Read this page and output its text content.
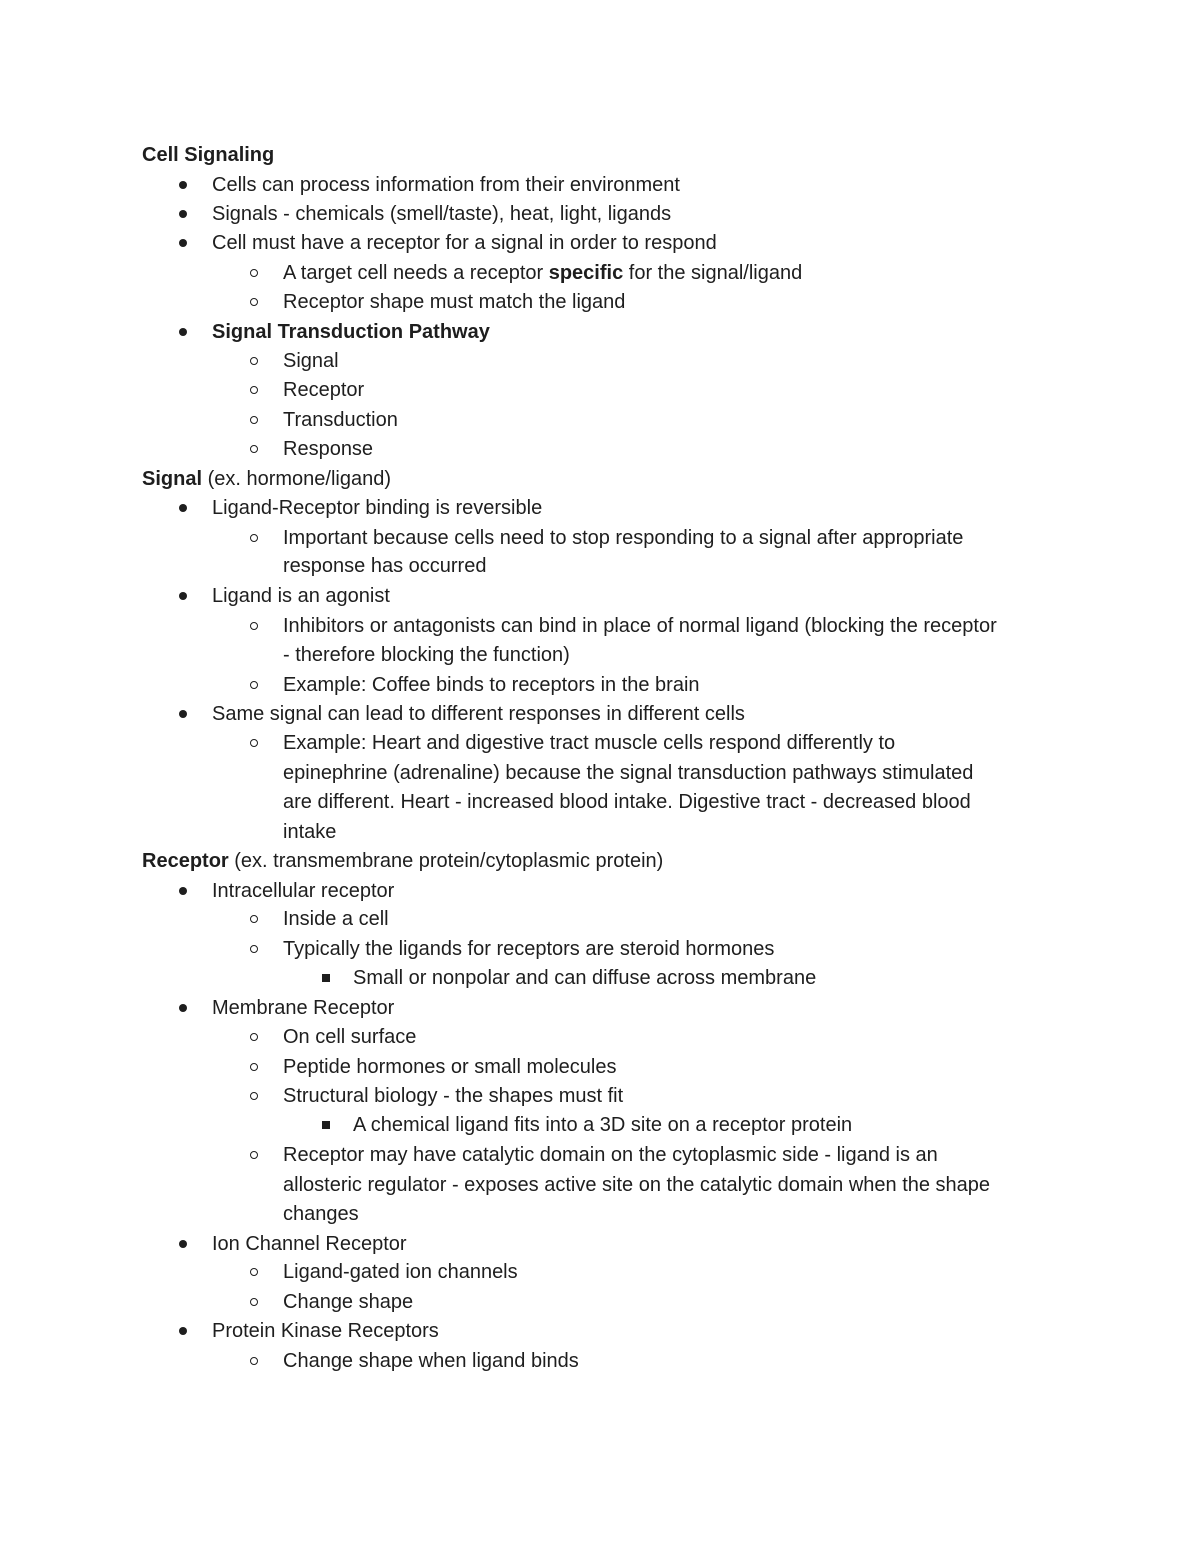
Cell Signaling
Cells can process information from their environment
Signals - chemicals (smell/taste), heat, light, ligands
Cell must have a receptor for a signal in order to respond
A target cell needs a receptor specific for the signal/ligand
Receptor shape must match the ligand
Signal Transduction Pathway
Signal
Receptor
Transduction
Response
Signal (ex. hormone/ligand)
Ligand-Receptor binding is reversible
Important because cells need to stop responding to a signal after appropriate
response has occurred
Ligand is an agonist
Inhibitors or antagonists can bind in place of normal ligand (blocking the receptor
- therefore blocking the function)
Example: Coffee binds to receptors in the brain
Same signal can lead to different responses in different cells
Example: Heart and digestive tract muscle cells respond differently to
epinephrine (adrenaline) because the signal transduction pathways stimulated
are different. Heart - increased blood intake. Digestive tract - decreased blood
intake
Receptor (ex. transmembrane protein/cytoplasmic protein)
Intracellular receptor
Inside a cell
Typically the ligands for receptors are steroid hormones
Small or nonpolar and can diffuse across membrane
Membrane Receptor
On cell surface
Peptide hormones or small molecules
Structural biology - the shapes must fit
A chemical ligand fits into a 3D site on a receptor protein
Receptor may have catalytic domain on the cytoplasmic side - ligand is an
allosteric regulator - exposes active site on the catalytic domain when the shape
changes
Ion Channel Receptor
Ligand-gated ion channels
Change shape
Protein Kinase Receptors
Change shape when ligand binds
